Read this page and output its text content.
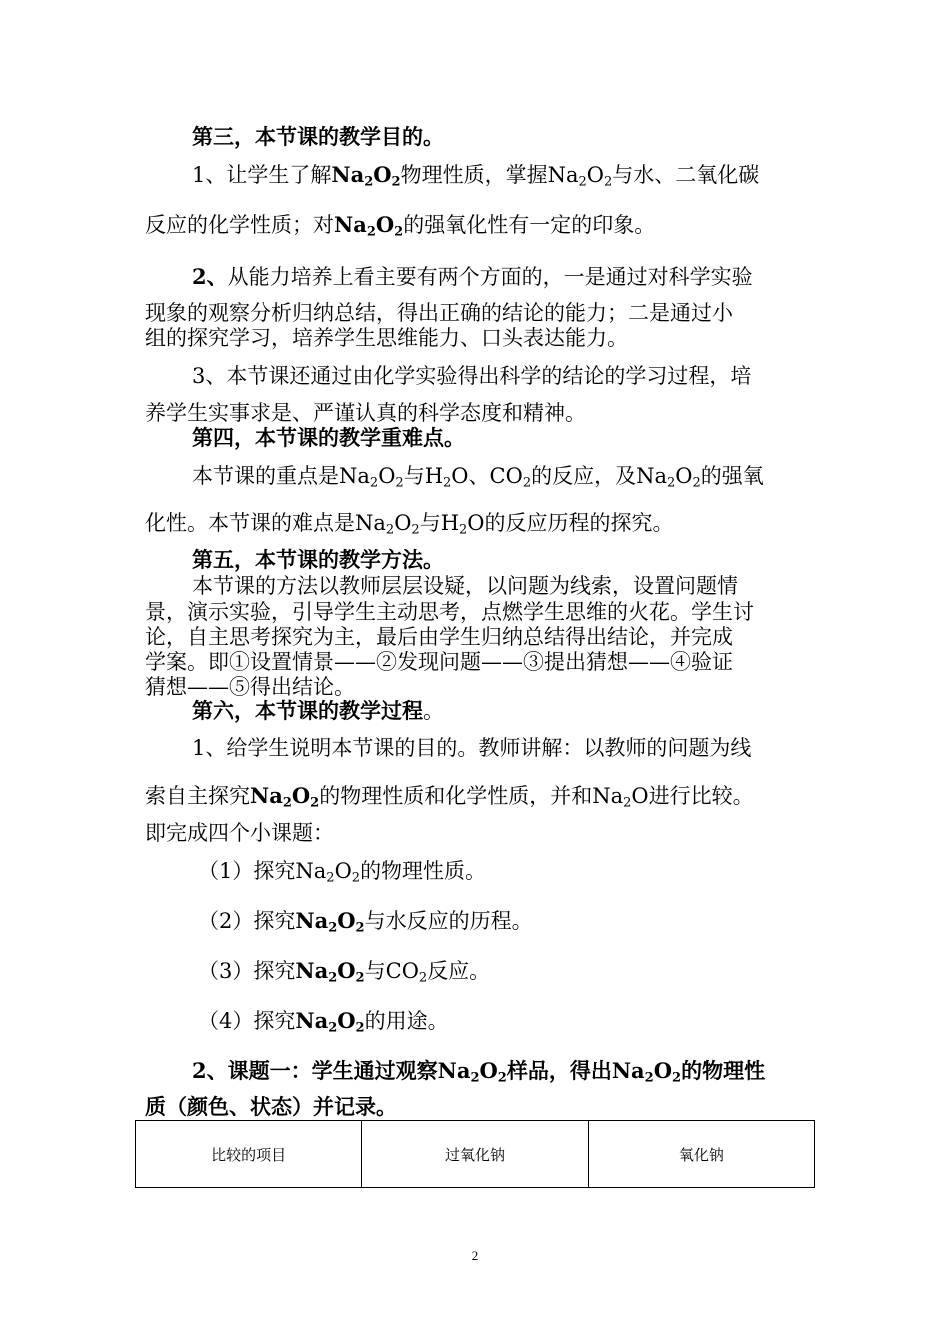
第三，本节课的教学目的。
1、让学生了解$Na_2O_2$物理性质，掌握$Na_2O_2$与水、二氧化碳
反应的化学性质；对$Na_2O_2$的强氧化性有一定的印象。
2、从能力培养上看主要有两个方面的，一是通过对科学实验
现象的观察分析归纳总结，得出正确的结论的能力；二是通过小
组的探究学习，培养学生思维能力、口头表达能力。
3、本节课还通过由化学实验得出科学的结论的学习过程，培
养学生实事求是、严谨认真的科学态度和精神。
第四，本节课的教学重难点。
本节课的重点是$Na_2O_2$与$H_2O$、$CO_2$的反应，及$Na_2O_2$的强氧
化性。本节课的难点是$Na_2O_2$与$H_2O$的反应历程的探究。
第五，本节课的教学方法。
本节课的方法以教师层层设疑，以问题为线索，设置问题情
景，演示实验，引导学生主动思考，点燃学生思维的火花。学生讨
论，自主思考探究为主，最后由学生归纳总结得出结论，并完成
学案。即①设置情景——②发现问题——③提出猜想——④验证
猜想——⑤得出结论。
第六，本节课的教学过程。
1、给学生说明本节课的目的。教师讲解：以教师的问题为线
索自主探究$Na_2O_2$的物理性质和化学性质，并和$Na_2O$进行比较。
即完成四个小课题：
（1）探究$Na_2O_2$的物理性质。
（2）探究$Na_2O_2$与水反应的历程。
（3）探究$Na_2O_2$与$CO_2$反应。
（4）探究$Na_2O_2$的用途。
2、课题一：学生通过观察$Na_2O_2$样品，得出$Na_2O_2$的物理性
质（颜色、状态）并记录。
比较的项目	过氧化钠	氧化钠
2
